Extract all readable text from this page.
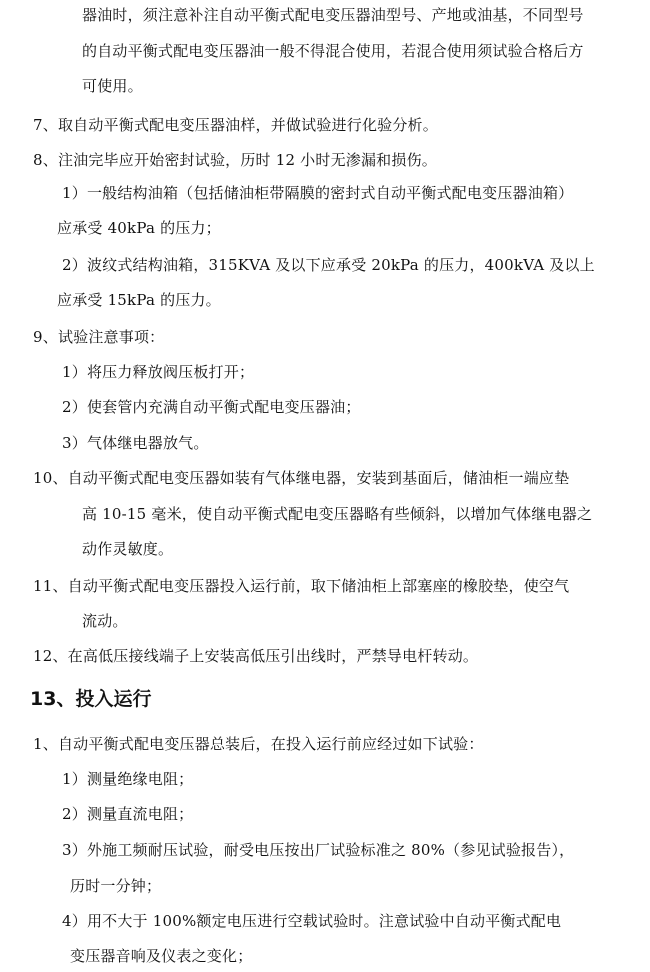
器油时，须注意补注自动平衡式配电变压器油型号、产地或油基，不同型号
的自动平衡式配电变压器油一般不得混合使用，若混合使用须试验合格后方
可使用。
7、取自动平衡式配电变压器油样，并做试验进行化验分析。
8、注油完毕应开始密封试验，历时 12 小时无渗漏和损伤。
1）一般结构油箱（包括储油柜带隔膜的密封式自动平衡式配电变压器油箱）
应承受 40kPa 的压力；
2）波纹式结构油箱，315KVA 及以下应承受 20kPa 的压力，400kVA 及以上
应承受 15kPa 的压力。
9、试验注意事项：
1）将压力释放阀压板打开；
2）使套管内充满自动平衡式配电变压器油；
3）气体继电器放气。
10、自动平衡式配电变压器如装有气体继电器，安装到基面后，储油柜一端应垫
高 10-15 毫米，使自动平衡式配电变压器略有些倾斜，以增加气体继电器之
动作灵敏度。
11、自动平衡式配电变压器投入运行前，取下储油柜上部塞座的橡胶垫，使空气
流动。
12、在高低压接线端子上安装高低压引出线时，严禁导电杆转动。
13、投入运行
1、自动平衡式配电变压器总装后，在投入运行前应经过如下试验：
1）测量绝缘电阻；
2）测量直流电阻；
3）外施工频耐压试验，耐受电压按出厂试验标准之 80%（参见试验报告），
历时一分钟；
4）用不大于 100%额定电压进行空载试验时。注意试验中自动平衡式配电
变压器音响及仪表之变化；
